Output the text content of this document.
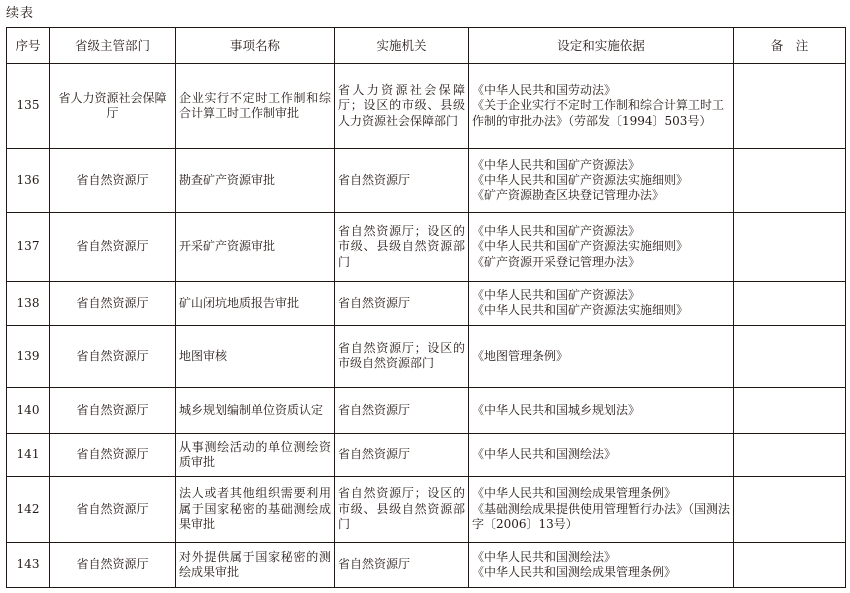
续表
序号	省级主管部门	事项名称	实施机关	设定和实施依据	备　注
135	省人力资源社会保障厅	企业实行不定时工作制和综合计算工时工作制审批	省人力资源社会保障厅；设区的市级、县级人力资源社会保障部门	《中华人民共和国劳动法》
《关于企业实行不定时工作制和综合计算工时工作制的审批办法》（劳部发〔1994〕503号）	

136	省自然资源厅	勘查矿产资源审批	省自然资源厅	《中华人民共和国矿产资源法》
《中华人民共和国矿产资源法实施细则》
《矿产资源勘查区块登记管理办法》	

137	省自然资源厅	开采矿产资源审批	省自然资源厅；设区的市级、县级自然资源部门	《中华人民共和国矿产资源法》
《中华人民共和国矿产资源法实施细则》
《矿产资源开采登记管理办法》	

138	省自然资源厅	矿山闭坑地质报告审批	省自然资源厅	《中华人民共和国矿产资源法》
《中华人民共和国矿产资源法实施细则》	

139	省自然资源厅	地图审核	省自然资源厅；设区的市级自然资源部门	《地图管理条例》	

140	省自然资源厅	城乡规划编制单位资质认定	省自然资源厅	《中华人民共和国城乡规划法》	

141	省自然资源厅	从事测绘活动的单位测绘资质审批	省自然资源厅	《中华人民共和国测绘法》	

142	省自然资源厅	法人或者其他组织需要利用属于国家秘密的基础测绘成果审批	省自然资源厅；设区的市级、县级自然资源部门	《中华人民共和国测绘成果管理条例》
《基础测绘成果提供使用管理暂行办法》（国测法字〔2006〕13号）	

143	省自然资源厅	对外提供属于国家秘密的测绘成果审批	省自然资源厅	《中华人民共和国测绘法》
《中华人民共和国测绘成果管理条例》	
